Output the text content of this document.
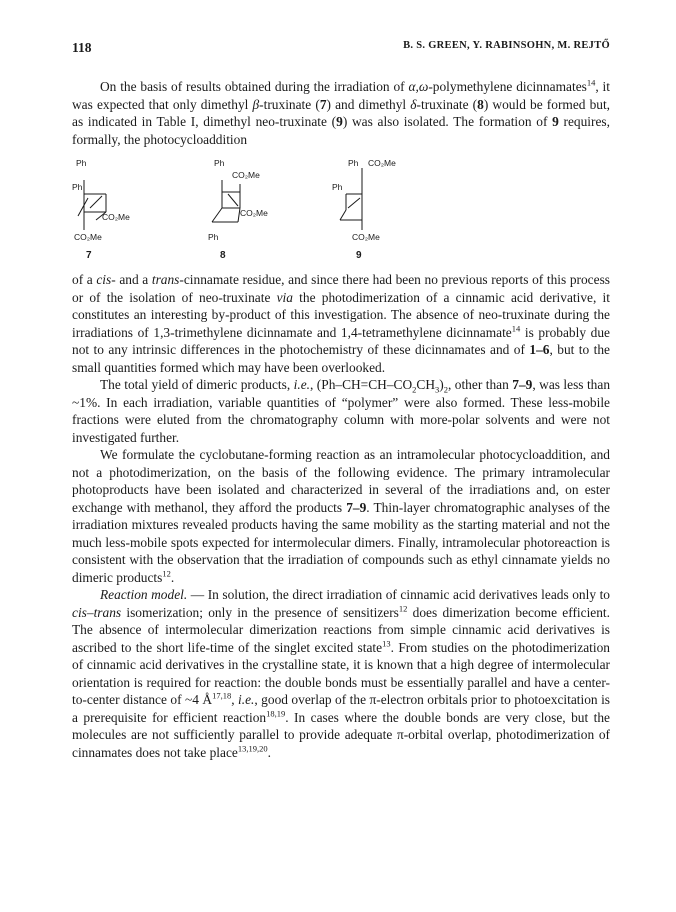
118	B. S. GREEN, Y. RABINSOHN, M. REJTŐ

On the basis of results obtained during the irradiation of α,ω-polymethylene dicinnamates$^{14}$, it was expected that only dimethyl β-truxinate (7) and dimethyl δ-truxinate (8) would be formed but, as indicated in Table I, dimethyl neo-truxinate (9) was also isolated. The formation of 9 requires, formally, the photocycloaddition

Ph
Ph
CO₂Me
CO₂Me
7
Ph
CO₂Me
CO₂Me
Ph
8
Ph CO₂Me
Ph
CO₂Me
9

of a cis- and a trans-cinnamate residue, and since there had been no previous reports of this process or of the isolation of neo-truxinate via the photodimerization of a cinnamic acid derivative, it constitutes an interesting by-product of this investigation. The absence of neo-truxinate during the irradiations of 1,3-trimethylene dicinnamate and 1,4-tetramethylene dicinnamate$^{14}$ is probably due not to any intrinsic differences in the photochemistry of these dicinnamates and of 1–6, but to the small quantities formed which may have been overlooked.

The total yield of dimeric products, i.e., $(Ph-CH=CH-CO_2CH_3)_2$, other than 7–9, was less than ~1%. In each irradiation, variable quantities of “polymer” were also formed. These less-mobile fractions were eluted from the chromatography column with more-polar solvents and were not investigated further.

We formulate the cyclobutane-forming reaction as an intramolecular photocycloaddition, and not a photodimerization, on the basis of the following evidence. The primary intramolecular photoproducts have been isolated and characterized in several of the irradiations and, on ester exchange with methanol, they afford the products 7–9. Thin-layer chromatographic analyses of the irradiation mixtures revealed products having the same mobility as the starting material and not the much less-mobile spots expected for intermolecular dimers. Finally, intramolecular photoreaction is consistent with the observation that the irradiation of compounds such as ethyl cinnamate yields no dimeric products$^{12}$.

Reaction model. — In solution, the direct irradiation of cinnamic acid derivatives leads only to cis–trans isomerization; only in the presence of sensitizers$^{12}$ does dimerization become efficient. The absence of intermolecular dimerization reactions from simple cinnamic acid derivatives is ascribed to the short life-time of the singlet excited state$^{13}$. From studies on the photodimerization of cinnamic acid derivatives in the crystalline state, it is known that a high degree of intermolecular orientation is required for reaction: the double bonds must be essentially parallel and have a center-to-center distance of ~4 Å$^{17,18}$, i.e., good overlap of the π-electron orbitals prior to photoexcitation is a prerequisite for efficient reaction$^{18,19}$. In cases where the double bonds are very close, but the molecules are not sufficiently parallel to provide adequate π-orbital overlap, photodimerization of cinnamates does not take place$^{13,19,20}$.
